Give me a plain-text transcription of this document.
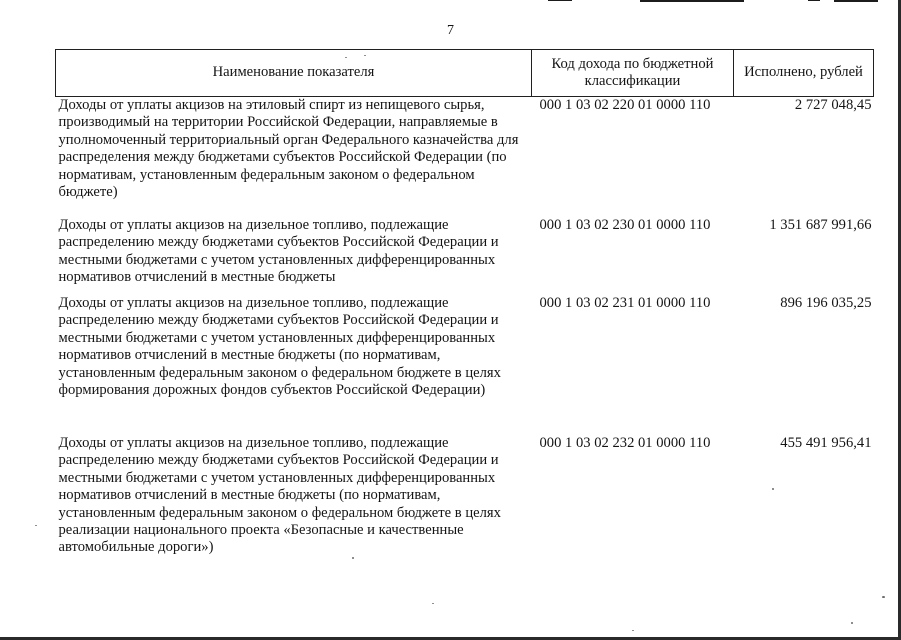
7
Наименование показателя	Код дохода по бюджетной классификации	Исполнено, рублей
Доходы от уплаты акцизов на этиловый спирт из непищевого сырья, производимый на территории Российской Федерации, направляемые в уполномоченный территориальный орган Федерального казначейства для распределения между бюджетами субъектов Российской Федерации (по нормативам, установленным федеральным законом о федеральном бюджете)	000 1 03 02 220 01 0000 110	2 727 048,45
Доходы от уплаты акцизов на дизельное топливо, подлежащие распределению между бюджетами субъектов Российской Федерации и местными бюджетами с учетом установленных дифференцированных нормативов отчислений в местные бюджеты	000 1 03 02 230 01 0000 110	1 351 687 991,66
Доходы от уплаты акцизов на дизельное топливо, подлежащие распределению между бюджетами субъектов Российской Федерации и местными бюджетами с учетом установленных дифференцированных нормативов отчислений в местные бюджеты (по нормативам, установленным федеральным законом о федеральном бюджете в целях формирования дорожных фондов субъектов Российской Федерации)	000 1 03 02 231 01 0000 110	896 196 035,25
Доходы от уплаты акцизов на дизельное топливо, подлежащие распределению между бюджетами субъектов Российской Федерации и местными бюджетами с учетом установленных дифференцированных нормативов отчислений в местные бюджеты (по нормативам, установленным федеральным законом о федеральном бюджете в целях реализации национального проекта «Безопасные и качественные автомобильные дороги»)	000 1 03 02 232 01 0000 110	455 491 956,41
